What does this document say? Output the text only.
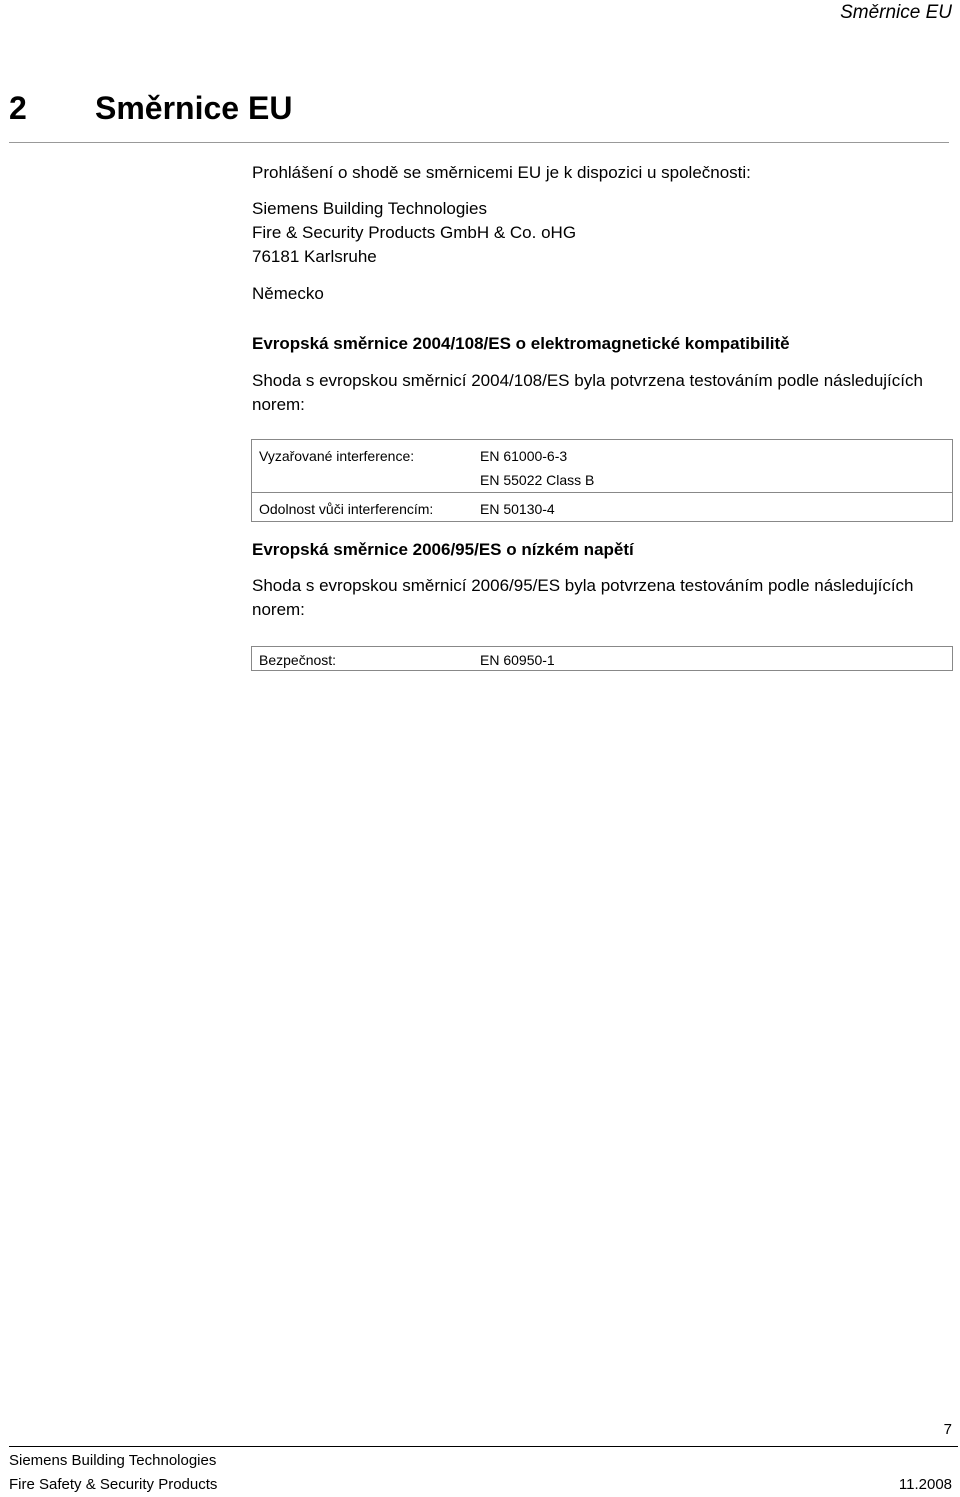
Směrnice EU
2 Směrnice EU

Prohlášení o shodě se směrnicemi EU je k dispozici u společnosti:

Siemens Building Technologies
Fire & Security Products GmbH & Co. oHG
76181 Karlsruhe
Německo
Evropská směrnice 2004/108/ES o elektromagnetické kompatibilitě

Shoda s evropskou směrnicí 2004/108/ES byla potvrzena testováním podle následujících norem:

Vyzařované interference:	EN 61000-6-3
EN 55022 Class B
Odolnost vůči interferencím:	EN 50130-4
Evropská směrnice 2006/95/ES o nízkém napětí

Shoda s evropskou směrnicí 2006/95/ES byla potvrzena testováním podle následujících norem:

Bezpečnost:	EN 60950-1
7
Siemens Building Technologies
Fire Safety & Security Products	11.2008
